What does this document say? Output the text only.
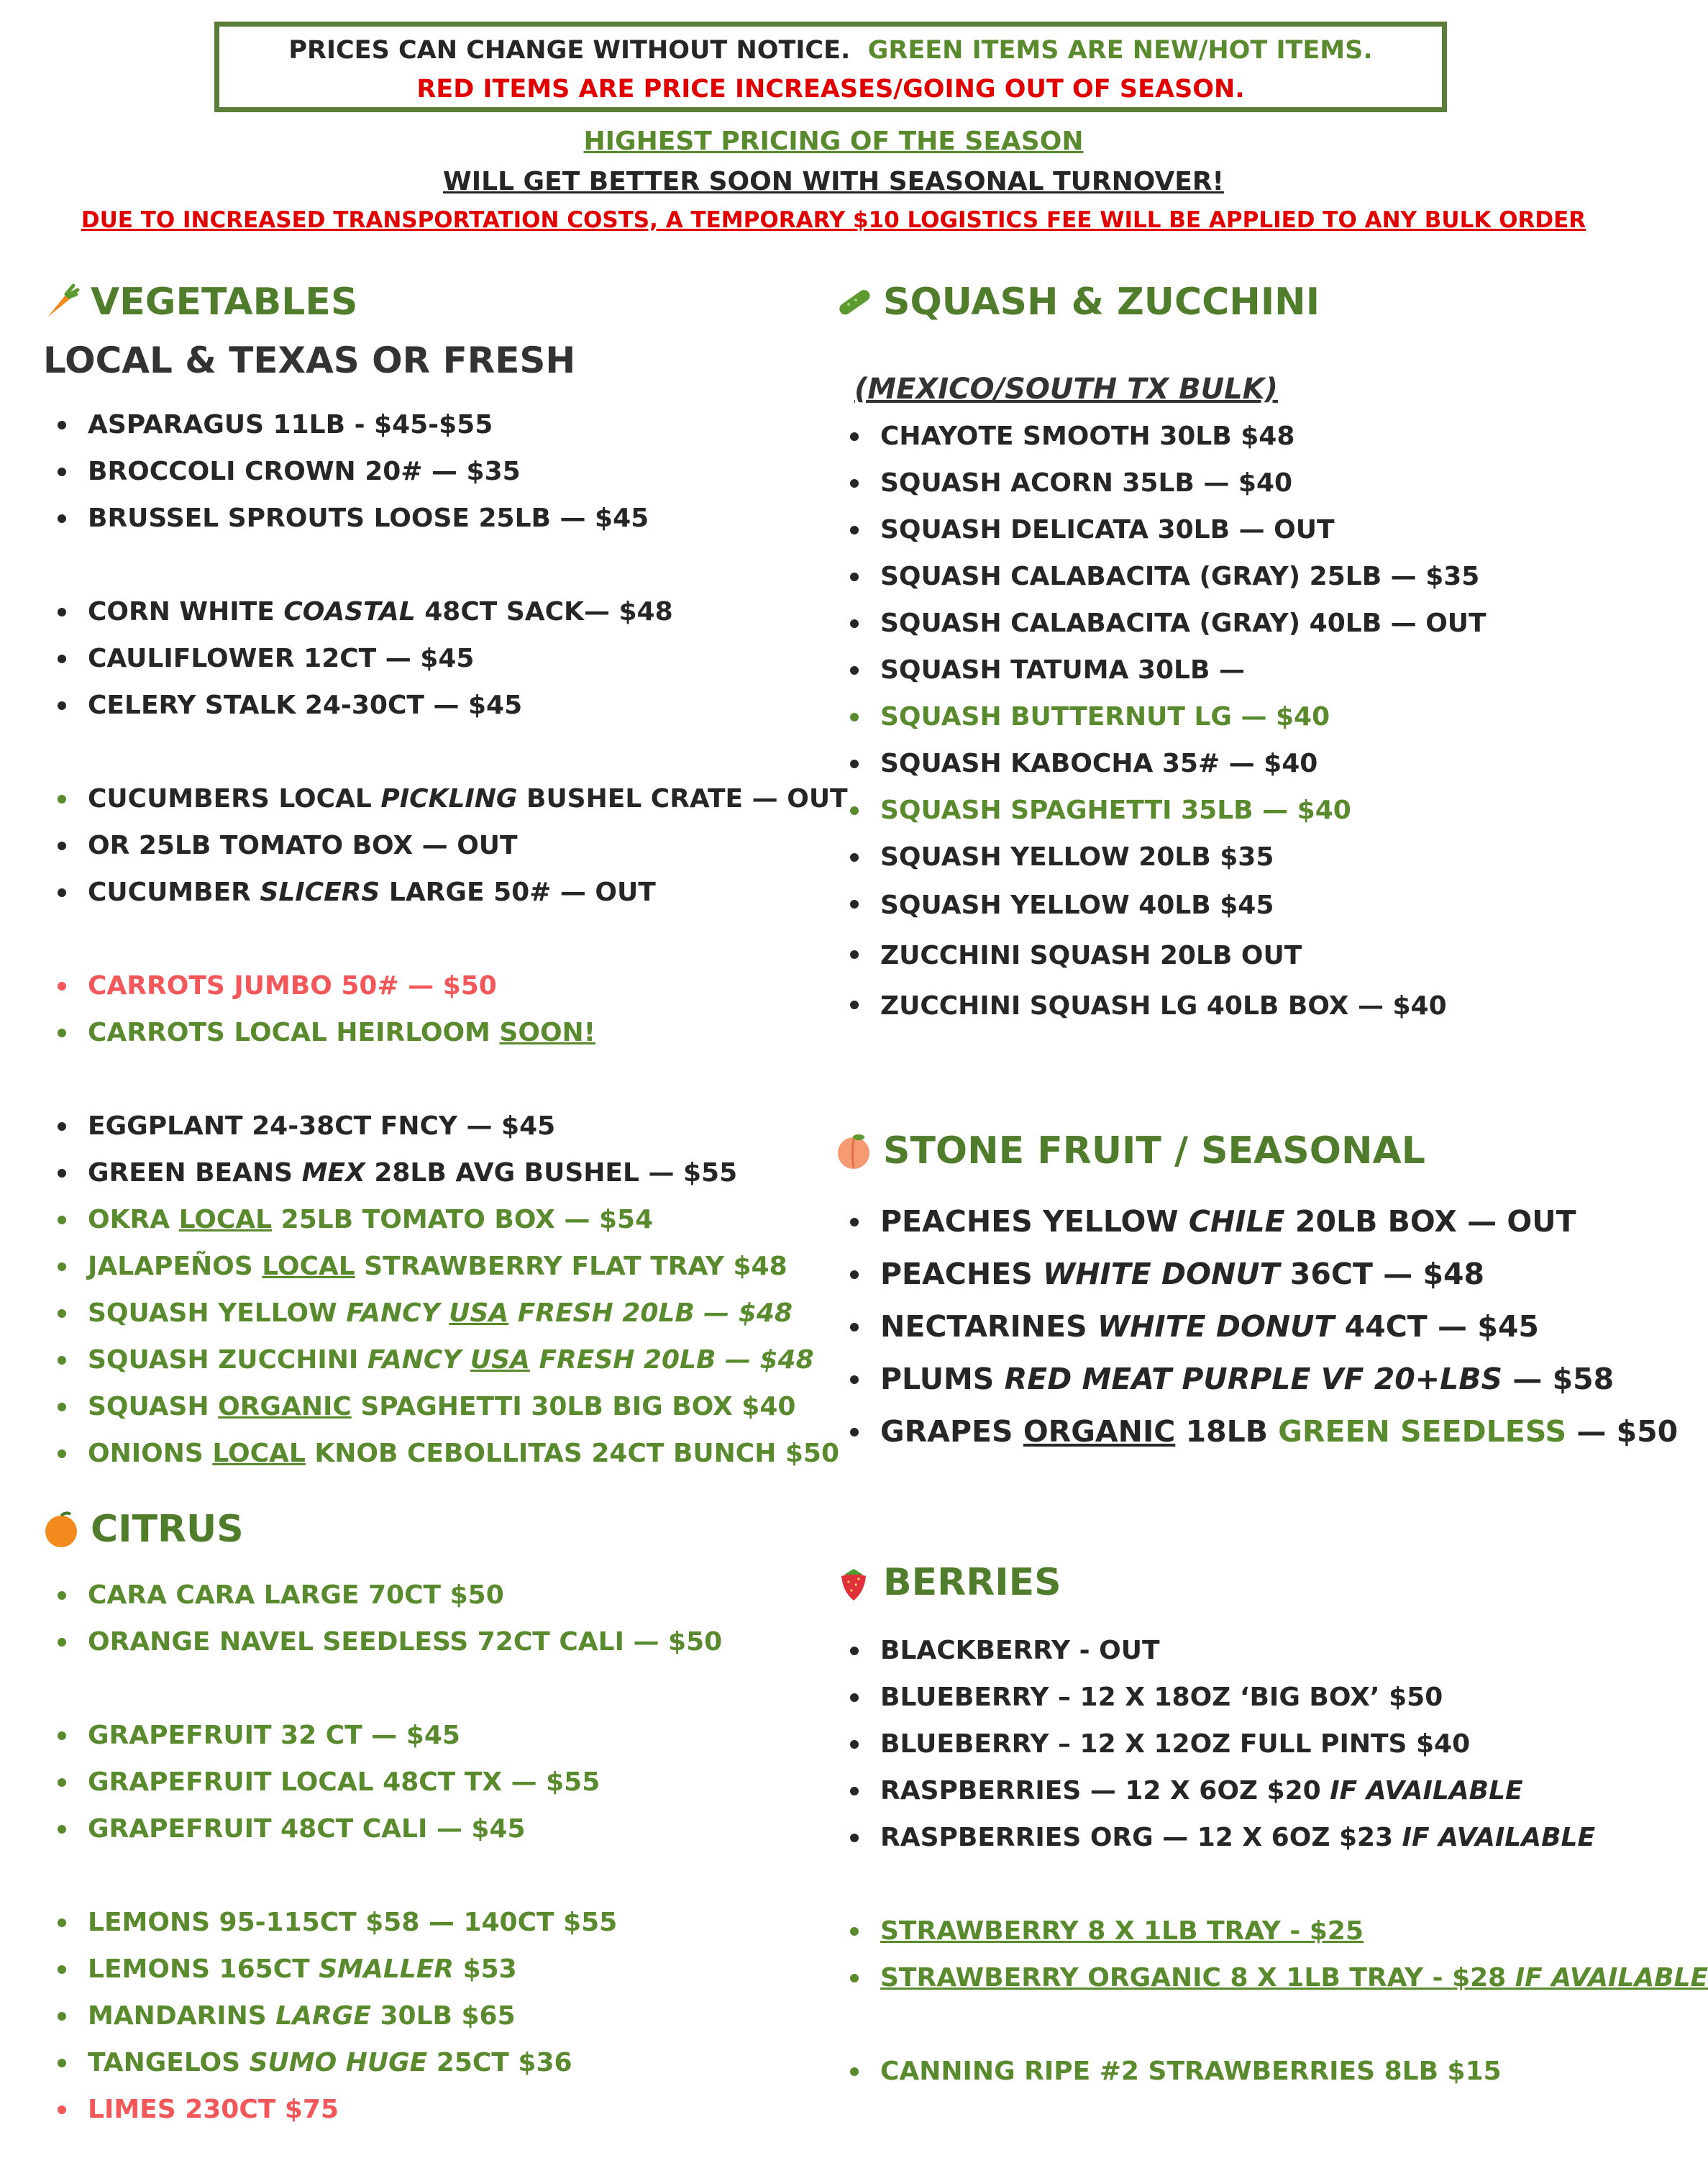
PRICES CAN CHANGE WITHOUT NOTICE. GREEN ITEMS ARE NEW/HOT ITEMS.
RED ITEMS ARE PRICE INCREASES/GOING OUT OF SEASON.
HIGHEST PRICING OF THE SEASON
WILL GET BETTER SOON WITH SEASONAL TURNOVER!
DUE TO INCREASED TRANSPORTATION COSTS, A TEMPORARY $10 LOGISTICS FEE WILL BE APPLIED TO ANY BULK ORDER
VEGETABLES
LOCAL & TEXAS OR FRESH
ASPARAGUS 11LB - $45-$55
BROCCOLI CROWN 20# — $35
BRUSSEL SPROUTS LOOSE 25LB — $45
CORN WHITE COASTAL 48CT SACK— $48
CAULIFLOWER 12CT — $45
CELERY STALK 24-30CT — $45
CUCUMBERS LOCAL PICKLING BUSHEL CRATE — OUT
OR 25LB TOMATO BOX — OUT
CUCUMBER SLICERS LARGE 50# — OUT
CARROTS JUMBO 50# — $50
CARROTS LOCAL HEIRLOOM SOON!
EGGPLANT 24-38CT FNCY — $45
GREEN BEANS MEX 28LB AVG BUSHEL — $55
OKRA LOCAL 25LB TOMATO BOX — $54
JALAPEÑOS LOCAL STRAWBERRY FLAT TRAY $48
SQUASH YELLOW FANCY USA FRESH 20LB — $48
SQUASH ZUCCHINI FANCY USA FRESH 20LB — $48
SQUASH ORGANIC SPAGHETTI 30LB BIG BOX $40
ONIONS LOCAL KNOB CEBOLLITAS 24CT BUNCH $50
CITRUS
CARA CARA LARGE 70CT $50
ORANGE NAVEL SEEDLESS 72CT CALI — $50
GRAPEFRUIT 32 CT — $45
GRAPEFRUIT LOCAL 48CT TX — $55
GRAPEFRUIT 48CT CALI — $45
LEMONS 95-115CT $58 — 140CT $55
LEMONS 165CT SMALLER $53
MANDARINS LARGE 30LB $65
TANGELOS SUMO HUGE 25CT $36
LIMES 230CT $75
SQUASH & ZUCCHINI
(MEXICO/SOUTH TX BULK)
CHAYOTE SMOOTH 30LB $48
SQUASH ACORN 35LB — $40
SQUASH DELICATA 30LB — OUT
SQUASH CALABACITA (GRAY) 25LB — $35
SQUASH CALABACITA (GRAY) 40LB — OUT
SQUASH TATUMA 30LB —
SQUASH BUTTERNUT LG — $40
SQUASH KABOCHA 35# — $40
SQUASH SPAGHETTI 35LB — $40
SQUASH YELLOW 20LB $35
SQUASH YELLOW 40LB $45
ZUCCHINI SQUASH 20LB OUT
ZUCCHINI SQUASH LG 40LB BOX — $40
STONE FRUIT / SEASONAL
PEACHES YELLOW CHILE 20LB BOX — OUT
PEACHES WHITE DONUT 36CT — $48
NECTARINES WHITE DONUT 44CT — $45
PLUMS RED MEAT PURPLE VF 20+LBS — $58
GRAPES ORGANIC 18LB GREEN SEEDLESS — $50
BERRIES
BLACKBERRY - OUT
BLUEBERRY – 12 X 18OZ ‘BIG BOX’ $50
BLUEBERRY – 12 X 12OZ FULL PINTS $40
RASPBERRIES — 12 X 6OZ $20 IF AVAILABLE
RASPBERRIES ORG — 12 X 6OZ $23 IF AVAILABLE
STRAWBERRY 8 X 1LB TRAY - $25
STRAWBERRY ORGANIC 8 X 1LB TRAY - $28 IF AVAILABLE
CANNING RIPE #2 STRAWBERRIES 8LB $15
